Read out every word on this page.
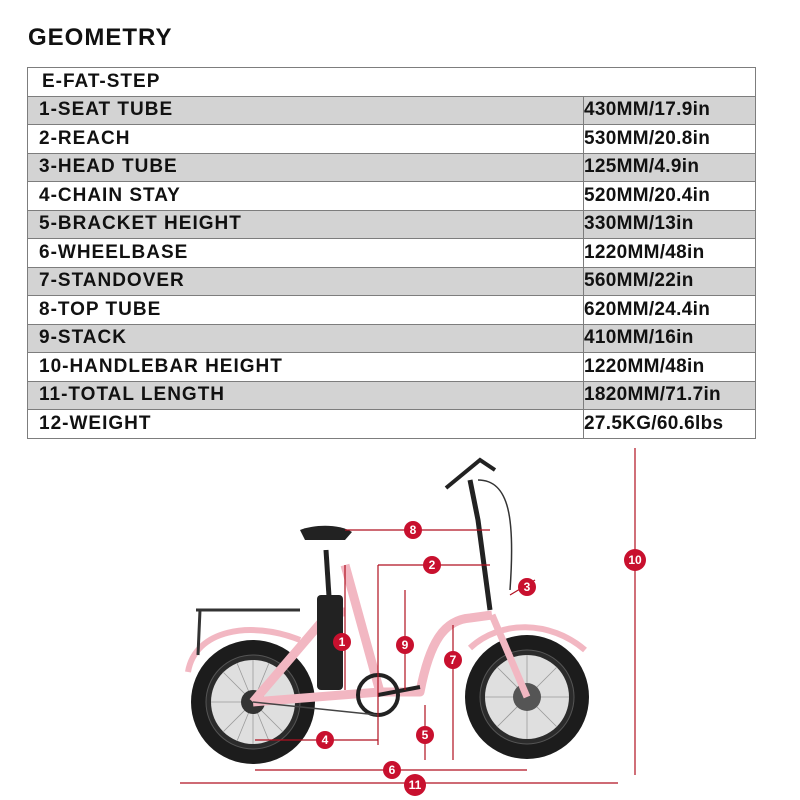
GEOMETRY
E-FAT-STEP	
1-SEAT TUBE	430MM/17.9in
2-REACH	530MM/20.8in
3-HEAD TUBE	125MM/4.9in
4-CHAIN STAY	520MM/20.4in
5-BRACKET HEIGHT	330MM/13in
6-WHEELBASE	1220MM/48in
7-STANDOVER	560MM/22in
8-TOP TUBE	620MM/24.4in
9-STACK	410MM/16in
10-HANDLEBAR HEIGHT	1220MM/48in
11-TOTAL LENGTH	1820MM/71.7in
12-WEIGHT	27.5KG/60.6lbs
1
2
3
4	5
6
7
8
9
10
11
